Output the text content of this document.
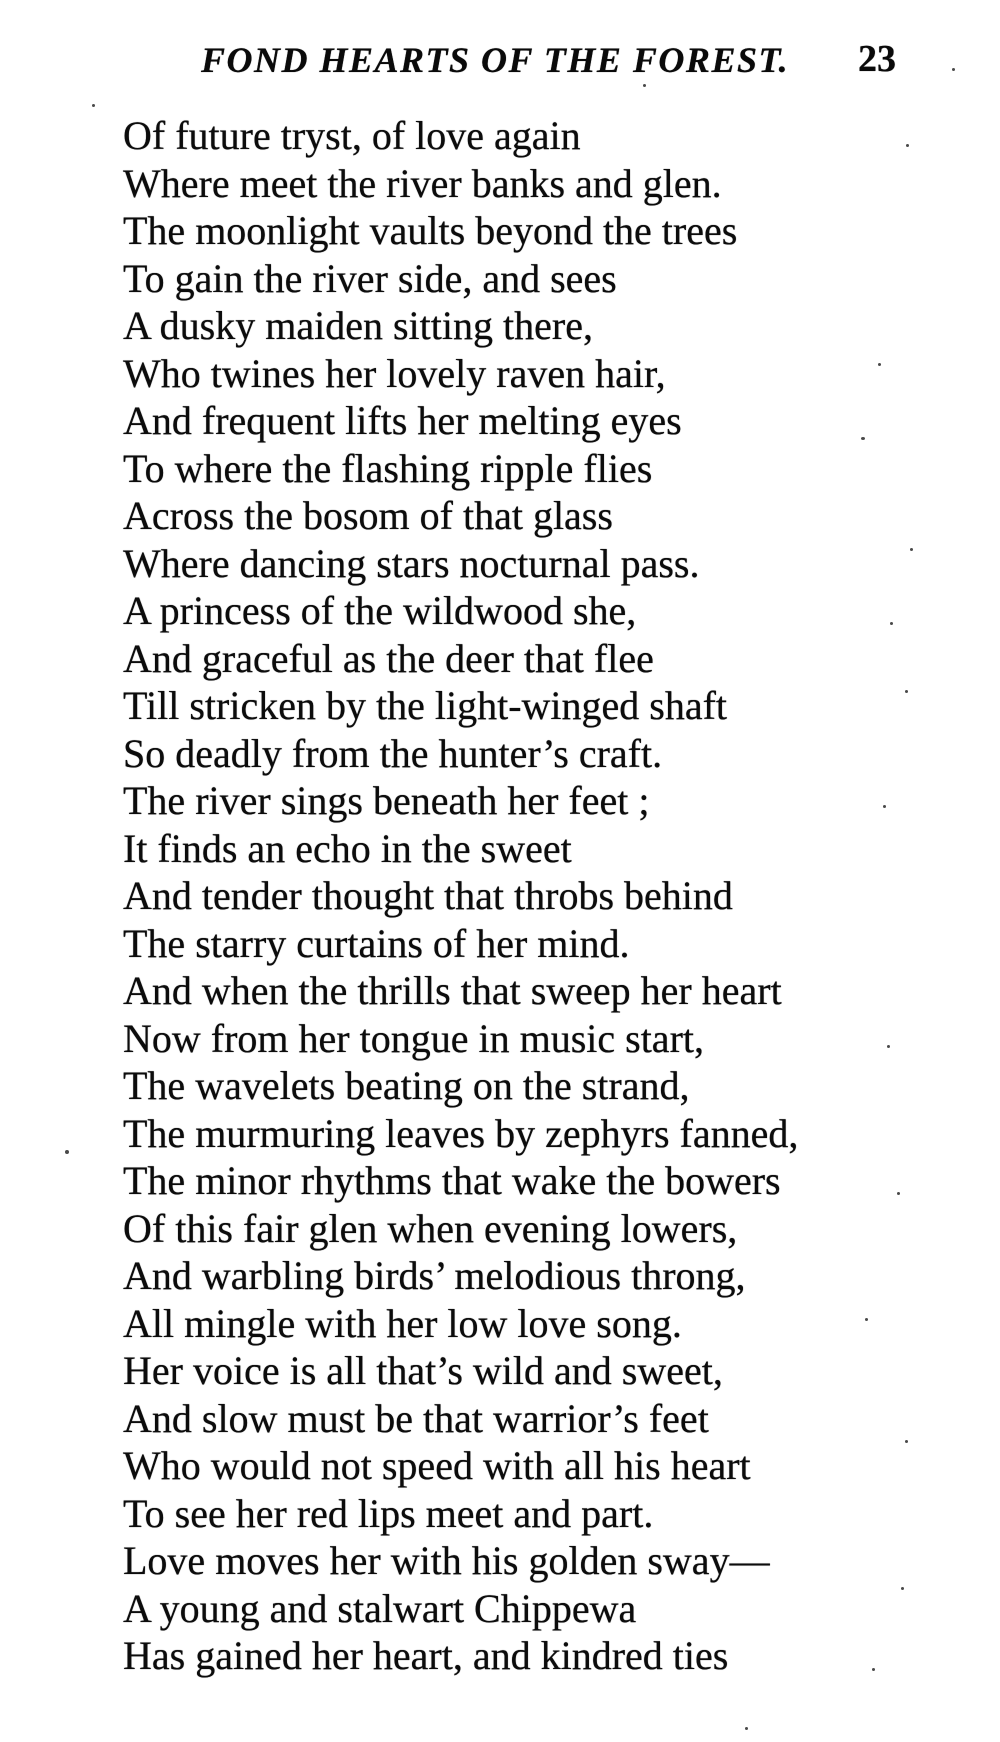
FOND HEARTS OF THE FOREST. 23
Of future tryst, of love again
Where meet the river banks and glen.
The moonlight vaults beyond the trees
To gain the river side, and sees
A dusky maiden sitting there,
Who twines her lovely raven hair,
And frequent lifts her melting eyes
To where the flashing ripple flies
Across the bosom of that glass
Where dancing stars nocturnal pass.
A princess of the wildwood she,
And graceful as the deer that flee
Till stricken by the light-winged shaft
So deadly from the hunter’s craft.
The river sings beneath her feet ;
It finds an echo in the sweet
And tender thought that throbs behind
The starry curtains of her mind.
And when the thrills that sweep her heart
Now from her tongue in music start,
The wavelets beating on the strand,
The murmuring leaves by zephyrs fanned,
The minor rhythms that wake the bowers
Of this fair glen when evening lowers,
And warbling birds’ melodious throng,
All mingle with her low love song.
Her voice is all that’s wild and sweet,
And slow must be that warrior’s feet
Who would not speed with all his heart
To see her red lips meet and part.
Love moves her with his golden sway—
A young and stalwart Chippewa
Has gained her heart, and kindred ties
